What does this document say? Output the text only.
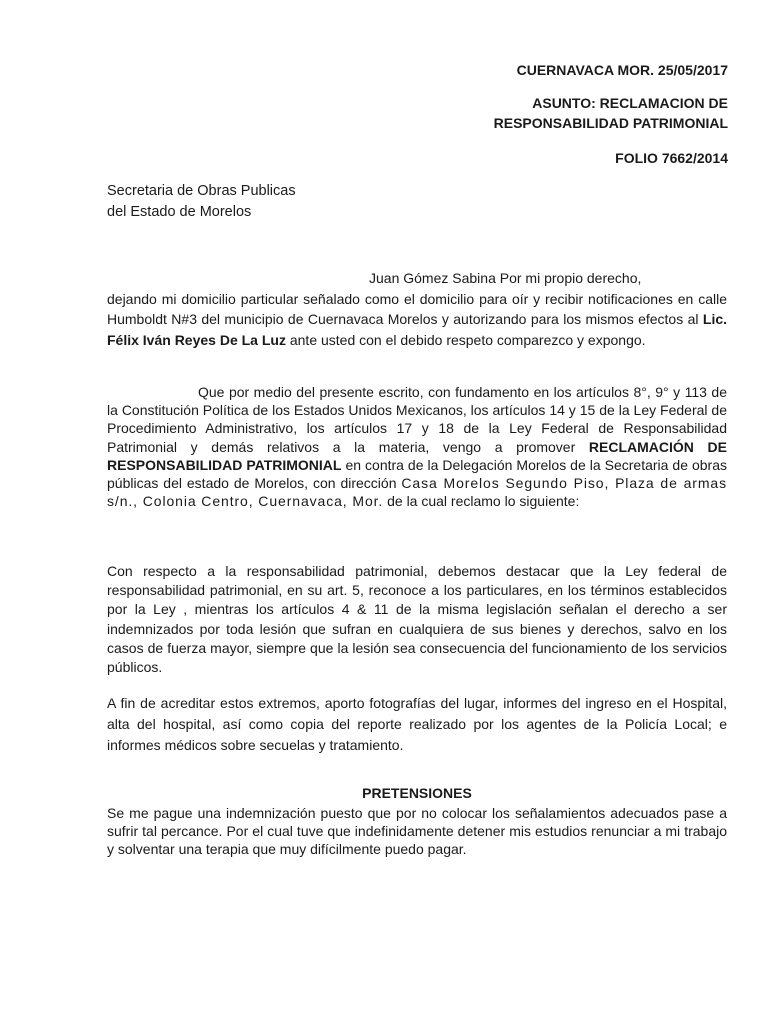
CUERNAVACA MOR. 25/05/2017
ASUNTO: RECLAMACION DE
RESPONSABILIDAD PATRIMONIAL
FOLIO 7662/2014
Secretaria de Obras Publicas
del Estado de Morelos
Juan Gómez Sabina Por mi propio derecho,
dejando mi domicilio particular señalado como el domicilio para oír y recibir notificaciones en calle Humboldt N#3 del municipio de Cuernavaca Morelos y autorizando para los mismos efectos al Lic. Félix Iván Reyes De La Luz ante usted con el debido respeto comparezco y expongo.
Que por medio del presente escrito, con fundamento en los artículos 8°, 9° y 113 de la Constitución Política de los Estados Unidos Mexicanos, los artículos 14 y 15 de la Ley Federal de Procedimiento Administrativo, los artículos 17 y 18 de la Ley Federal de Responsabilidad Patrimonial y demás relativos a la materia, vengo a promover RECLAMACIÓN DE RESPONSABILIDAD PATRIMONIAL en contra de la Delegación Morelos de la Secretaria de obras públicas del estado de Morelos, con dirección Casa Morelos Segundo Piso, Plaza de armas s/n., Colonia Centro, Cuernavaca, Mor. de la cual reclamo lo siguiente:
Con respecto a la responsabilidad patrimonial, debemos destacar que la Ley federal de responsabilidad patrimonial, en su art. 5, reconoce a los particulares, en los términos establecidos por la Ley , mientras los artículos 4 & 11 de la misma legislación señalan el derecho a ser indemnizados por toda lesión que sufran en cualquiera de sus bienes y derechos, salvo en los casos de fuerza mayor, siempre que la lesión sea consecuencia del funcionamiento de los servicios públicos.
A fin de acreditar estos extremos, aporto fotografías del lugar, informes del ingreso en el Hospital, alta del hospital, así como copia del reporte realizado por los agentes de la Policía Local; e informes médicos sobre secuelas y tratamiento.
PRETENSIONES
Se me pague una indemnización puesto que por no colocar los señalamientos adecuados pase a sufrir tal percance. Por el cual tuve que indefinidamente detener mis estudios renunciar a mi trabajo y solventar una terapia que muy difícilmente puedo pagar.
